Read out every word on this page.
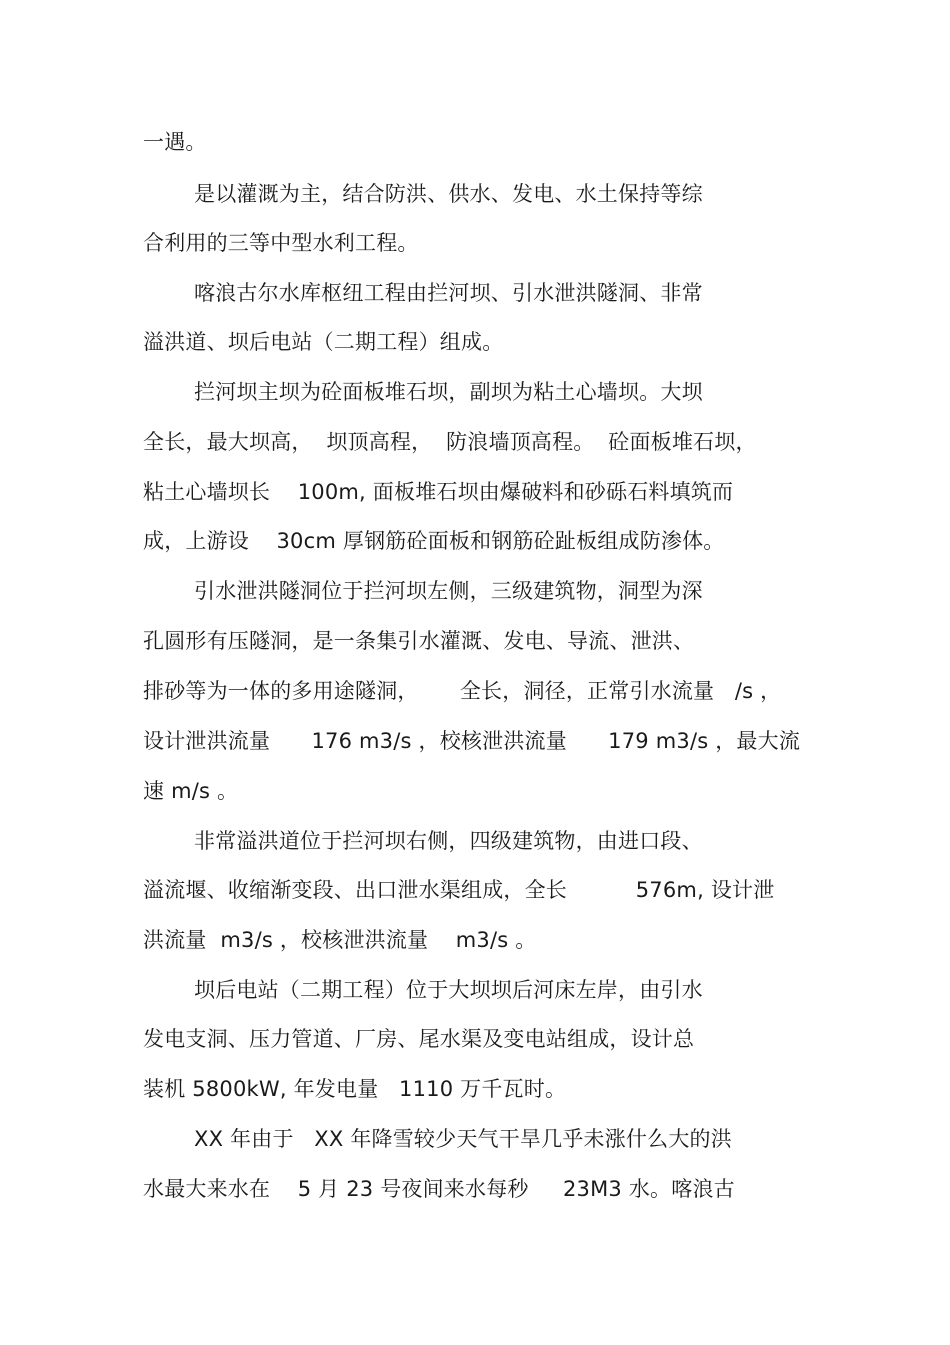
一遇。
是以灌溉为主，结合防洪、供水、发电、水土保持等综
合利用的三等中型水利工程。
喀浪古尔水库枢纽工程由拦河坝、引水泄洪隧洞、非常
溢洪道、坝后电站（二期工程）组成。
拦河坝主坝为砼面板堆石坝，副坝为粘土心墙坝。大坝
全长，最大坝高，  坝顶高程，  防浪墙顶高程。  砼面板堆石坝，
粘土心墙坝长    100m, 面板堆石坝由爆破料和砂砾石料填筑而
成，上游设    30cm 厚钢筋砼面板和钢筋砼趾板组成防渗体。
引水泄洪隧洞位于拦河坝左侧，三级建筑物，洞型为深
孔圆形有压隧洞，是一条集引水灌溉、发电、导流、泄洪、
排砂等为一体的多用途隧洞，      全长，洞径，正常引水流量   /s ，
设计泄洪流量      176 m3/s ，校核泄洪流量      179 m3/s ，最大流
速 m/s 。
非常溢洪道位于拦河坝右侧，四级建筑物，由进口段、
溢流堰、收缩渐变段、出口泄水渠组成，全长          576m, 设计泄
洪流量  m3/s ，校核泄洪流量    m3/s 。
坝后电站（二期工程）位于大坝坝后河床左岸，由引水
发电支洞、压力管道、厂房、尾水渠及变电站组成，设计总
装机 5800kW, 年发电量   1110 万千瓦时。
XX 年由于   XX 年降雪较少天气干旱几乎未涨什么大的洪
水最大来水在    5 月 23 号夜间来水每秒     23M3 水。喀浪古
